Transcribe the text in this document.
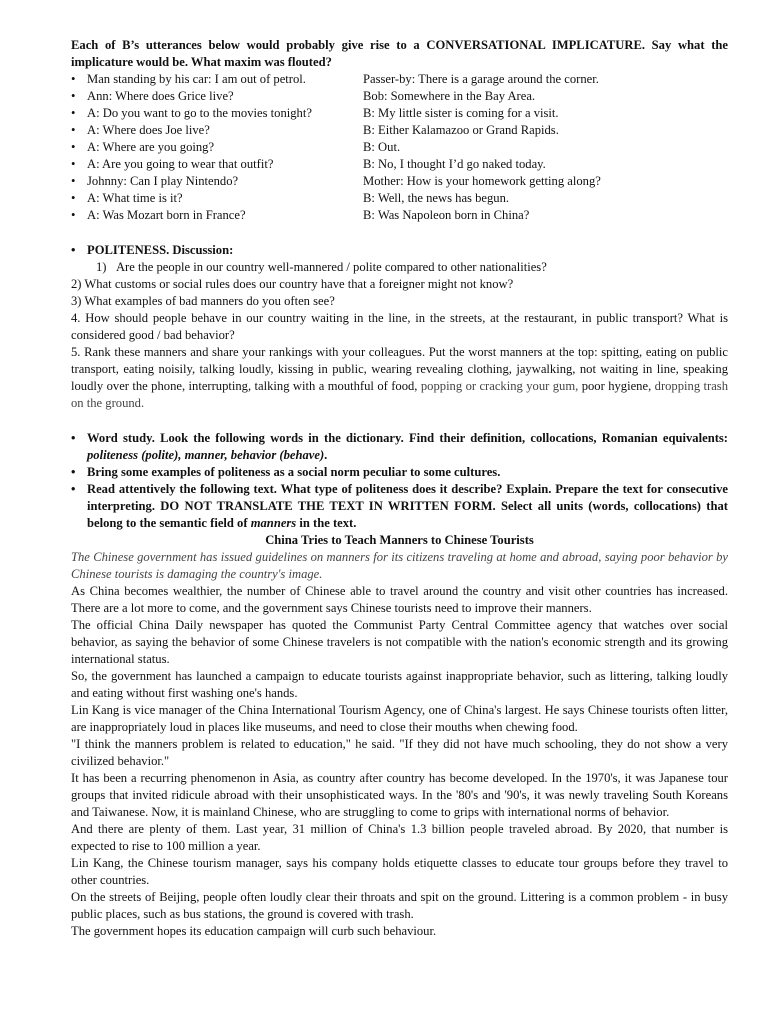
Each of B’s utterances below would probably give rise to a CONVERSATIONAL IMPLICATURE. Say what the implicature would be. What maxim was flouted?

• Man standing by his car: I am out of petrol.	Passer-by: There is a garage around the corner.
• Ann: Where does Grice live?	Bob: Somewhere in the Bay Area.
• A: Do you want to go to the movies tonight?	B: My little sister is coming for a visit.
• A: Where does Joe live?	B: Either Kalamazoo or Grand Rapids.
• A: Where are you going?	B: Out.
• A: Are you going to wear that outfit?	B: No, I thought I’d go naked today.
• Johnny: Can I play Nintendo?	Mother: How is your homework getting along?
• A: What time is it?	B: Well, the news has begun.
• A: Was Mozart born in France?	B: Was Napoleon born in China?

• POLITENESS. Discussion:

1) Are the people in our country well-mannered / polite compared to other nationalities?

2) What customs or social rules does our country have that a foreigner might not know?

3) What examples of bad manners do you often see?

4. How should people behave in our country waiting in the line, in the streets, at the restaurant, in public transport? What is considered good / bad behavior?

5. Rank these manners and share your rankings with your colleagues. Put the worst manners at the top: spitting, eating on public transport, eating noisily, talking loudly, kissing in public, wearing revealing clothing, jaywalking, not waiting in line, speaking loudly over the phone, interrupting, talking with a mouthful of food, popping or cracking your gum, poor hygiene, dropping trash on the ground.

• Word study. Look the following words in the dictionary. Find their definition, collocations, Romanian equivalents: politeness (polite), manner, behavior (behave).

• Bring some examples of politeness as a social norm peculiar to some cultures.

• Read attentively the following text. What type of politeness does it describe? Explain. Prepare the text for consecutive interpreting. DO NOT TRANSLATE THE TEXT IN WRITTEN FORM. Select all units (words, collocations) that belong to the semantic field of manners in the text.

China Tries to Teach Manners to Chinese Tourists

The Chinese government has issued guidelines on manners for its citizens traveling at home and abroad, saying poor behavior by Chinese tourists is damaging the country's image.

As China becomes wealthier, the number of Chinese able to travel around the country and visit other countries has increased. There are a lot more to come, and the government says Chinese tourists need to improve their manners.

The official China Daily newspaper has quoted the Communist Party Central Committee agency that watches over social behavior, as saying the behavior of some Chinese travelers is not compatible with the nation's economic strength and its growing international status.

So, the government has launched a campaign to educate tourists against inappropriate behavior, such as littering, talking loudly and eating without first washing one's hands.

Lin Kang is vice manager of the China International Tourism Agency, one of China's largest. He says Chinese tourists often litter, are inappropriately loud in places like museums, and need to close their mouths when chewing food.

"I think the manners problem is related to education," he said. "If they did not have much schooling, they do not show a very civilized behavior."

It has been a recurring phenomenon in Asia, as country after country has become developed. In the 1970's, it was Japanese tour groups that invited ridicule abroad with their unsophisticated ways. In the '80's and '90's, it was newly traveling South Koreans and Taiwanese. Now, it is mainland Chinese, who are struggling to come to grips with international norms of behavior.

And there are plenty of them. Last year, 31 million of China's 1.3 billion people traveled abroad. By 2020, that number is expected to rise to 100 million a year.

Lin Kang, the Chinese tourism manager, says his company holds etiquette classes to educate tour groups before they travel to other countries.

On the streets of Beijing, people often loudly clear their throats and spit on the ground. Littering is a common problem - in busy public places, such as bus stations, the ground is covered with trash.

The government hopes its education campaign will curb such behaviour.
